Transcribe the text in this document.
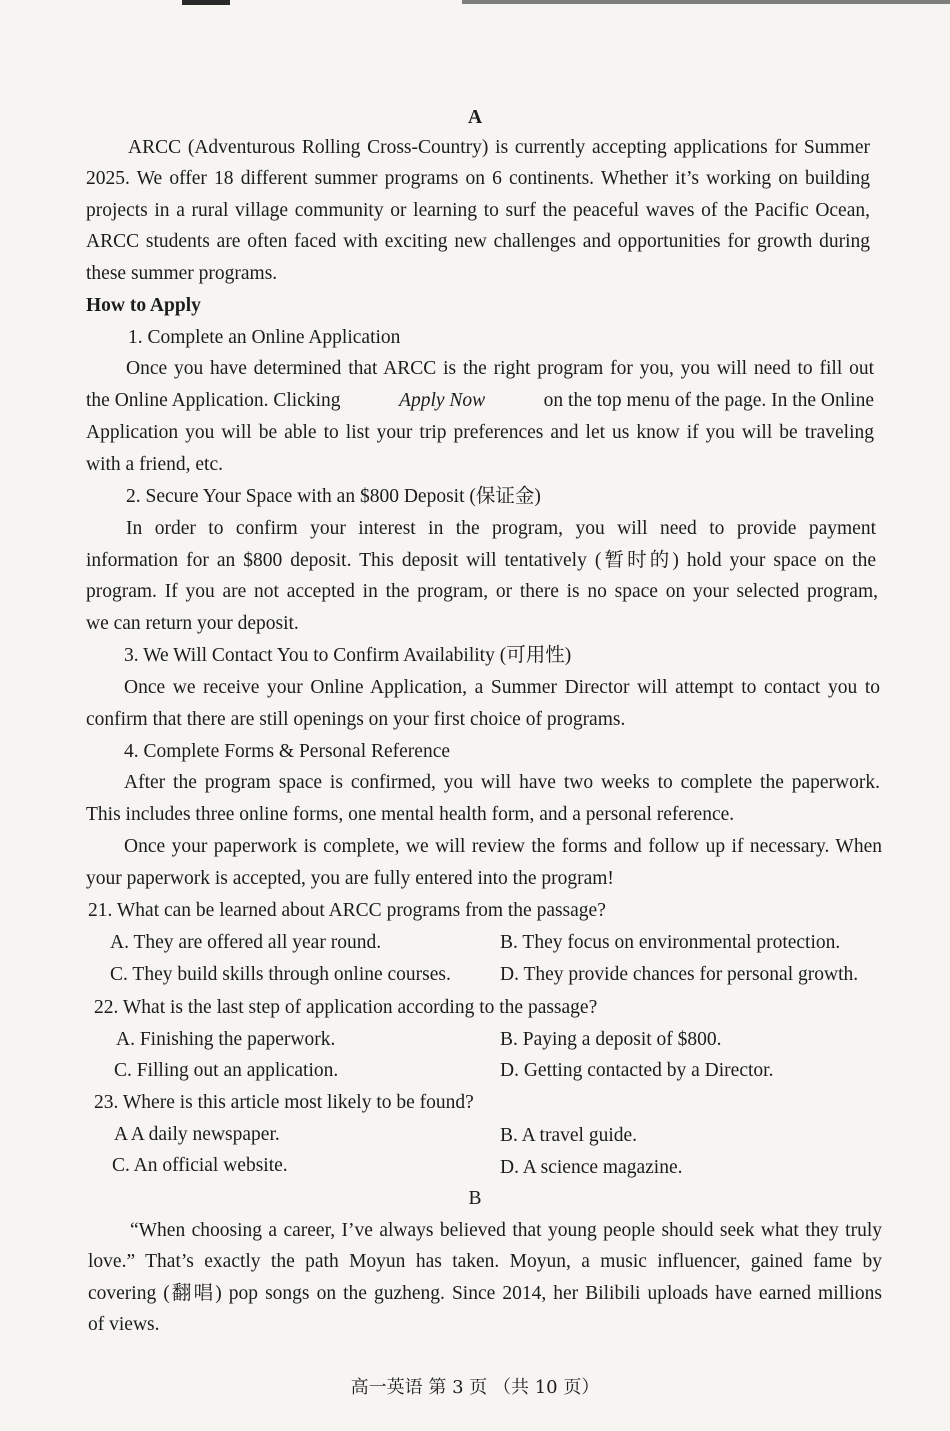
A
ARCC (Adventurous Rolling Cross-Country) is currently accepting applications for Summer
2025. We offer 18 different summer programs on 6 continents. Whether it’s working on building
projects in a rural village community or learning to surf the peaceful waves of the Pacific Ocean,
ARCC students are often faced with exciting new challenges and opportunities for growth during
these summer programs.
How to Apply
1. Complete an Online Application
Once you have determined that ARCC is the right program for you, you will need to fill out
the Online Application. Clicking	Apply Now	on the top menu of the page. In the Online
Application you will be able to list your trip preferences and let us know if you will be traveling
with a friend, etc.
2. Secure Your Space with an $800 Deposit (保证金)
In order to confirm your interest in the program, you will need to provide payment
information for an $800 deposit. This deposit will tentatively (暂时的) hold your space on the
program. If you are not accepted in the program, or there is no space on your selected program,
we can return your deposit.
3. We Will Contact You to Confirm Availability (可用性)
Once we receive your Online Application, a Summer Director will attempt to contact you to
confirm that there are still openings on your first choice of programs.
4. Complete Forms & Personal Reference
After the program space is confirmed, you will have two weeks to complete the paperwork.
This includes three online forms, one mental health form, and a personal reference.
Once your paperwork is complete, we will review the forms and follow up if necessary. When
your paperwork is accepted, you are fully entered into the program!
21. What can be learned about ARCC programs from the passage?
A. They are offered all year round.	B. They focus on environmental protection.
C. They build skills through online courses.	D. They provide chances for personal growth.
22. What is the last step of application according to the passage?
A. Finishing the paperwork.	B. Paying a deposit of $800.
C. Filling out an application.	D. Getting contacted by a Director.
23. Where is this article most likely to be found?
A A daily newspaper.	B. A travel guide.
C. An official website.	D. A science magazine.
B
“When choosing a career, I’ve always believed that young people should seek what they truly
love.” That’s exactly the path Moyun has taken. Moyun, a music influencer, gained fame by
covering (翻唱) pop songs on the guzheng. Since 2014, her Bilibili uploads have earned millions
of views.
高一英语 第 3 页 （共 10 页）
